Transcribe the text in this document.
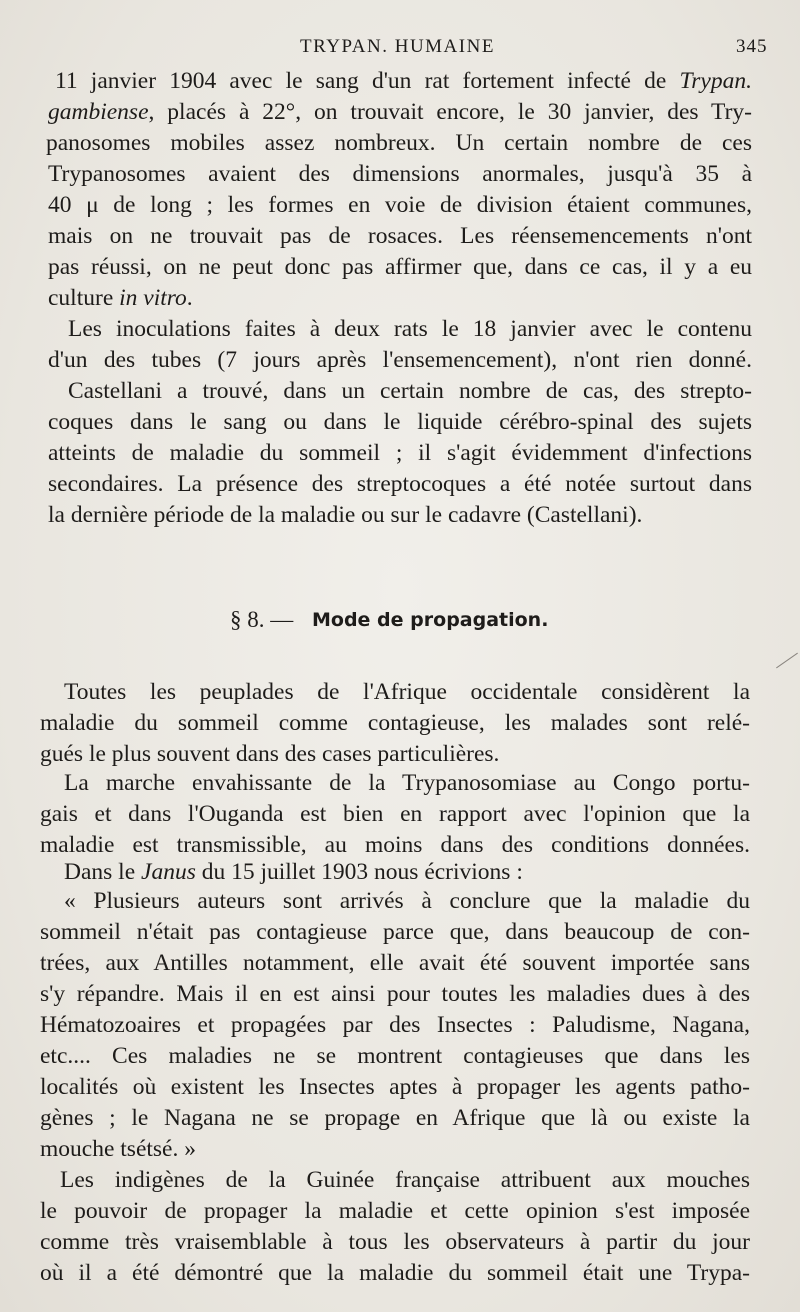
TRYPAN. HUMAINE	345
11 janvier 1904 avec le sang d'un rat fortement infecté de Trypan.
gambiense, placés à 22°, on trouvait encore, le 30 janvier, des Try-
panosomes mobiles assez nombreux. Un certain nombre de ces
Trypanosomes avaient des dimensions anormales, jusqu'à 35 à
40 μ de long ; les formes en voie de division étaient communes,
mais on ne trouvait pas de rosaces. Les réensemencements n'ont
pas réussi, on ne peut donc pas affirmer que, dans ce cas, il y a eu
culture in vitro.
Les inoculations faites à deux rats le 18 janvier avec le contenu
d'un des tubes (7 jours après l'ensemencement), n'ont rien donné.
Castellani a trouvé, dans un certain nombre de cas, des strepto-
coques dans le sang ou dans le liquide cérébro-spinal des sujets
atteints de maladie du sommeil ; il s'agit évidemment d'infections
secondaires. La présence des streptocoques a été notée surtout dans
la dernière période de la maladie ou sur le cadavre (Castellani).
§ 8. — Mode de propagation.
Toutes les peuplades de l'Afrique occidentale considèrent la
maladie du sommeil comme contagieuse, les malades sont relé-
gués le plus souvent dans des cases particulières.
La marche envahissante de la Trypanosomiase au Congo portu-
gais et dans l'Ouganda est bien en rapport avec l'opinion que la
maladie est transmissible, au moins dans des conditions données.
Dans le Janus du 15 juillet 1903 nous écrivions :
« Plusieurs auteurs sont arrivés à conclure que la maladie du
sommeil n'était pas contagieuse parce que, dans beaucoup de con-
trées, aux Antilles notamment, elle avait été souvent importée sans
s'y répandre. Mais il en est ainsi pour toutes les maladies dues à des
Hématozoaires et propagées par des Insectes : Paludisme, Nagana,
etc.... Ces maladies ne se montrent contagieuses que dans les
localités où existent les Insectes aptes à propager les agents patho-
gènes ; le Nagana ne se propage en Afrique que là ou existe la
mouche tsétsé. »
Les indigènes de la Guinée française attribuent aux mouches
le pouvoir de propager la maladie et cette opinion s'est imposée
comme très vraisemblable à tous les observateurs à partir du jour
où il a été démontré que la maladie du sommeil était une Trypa-
